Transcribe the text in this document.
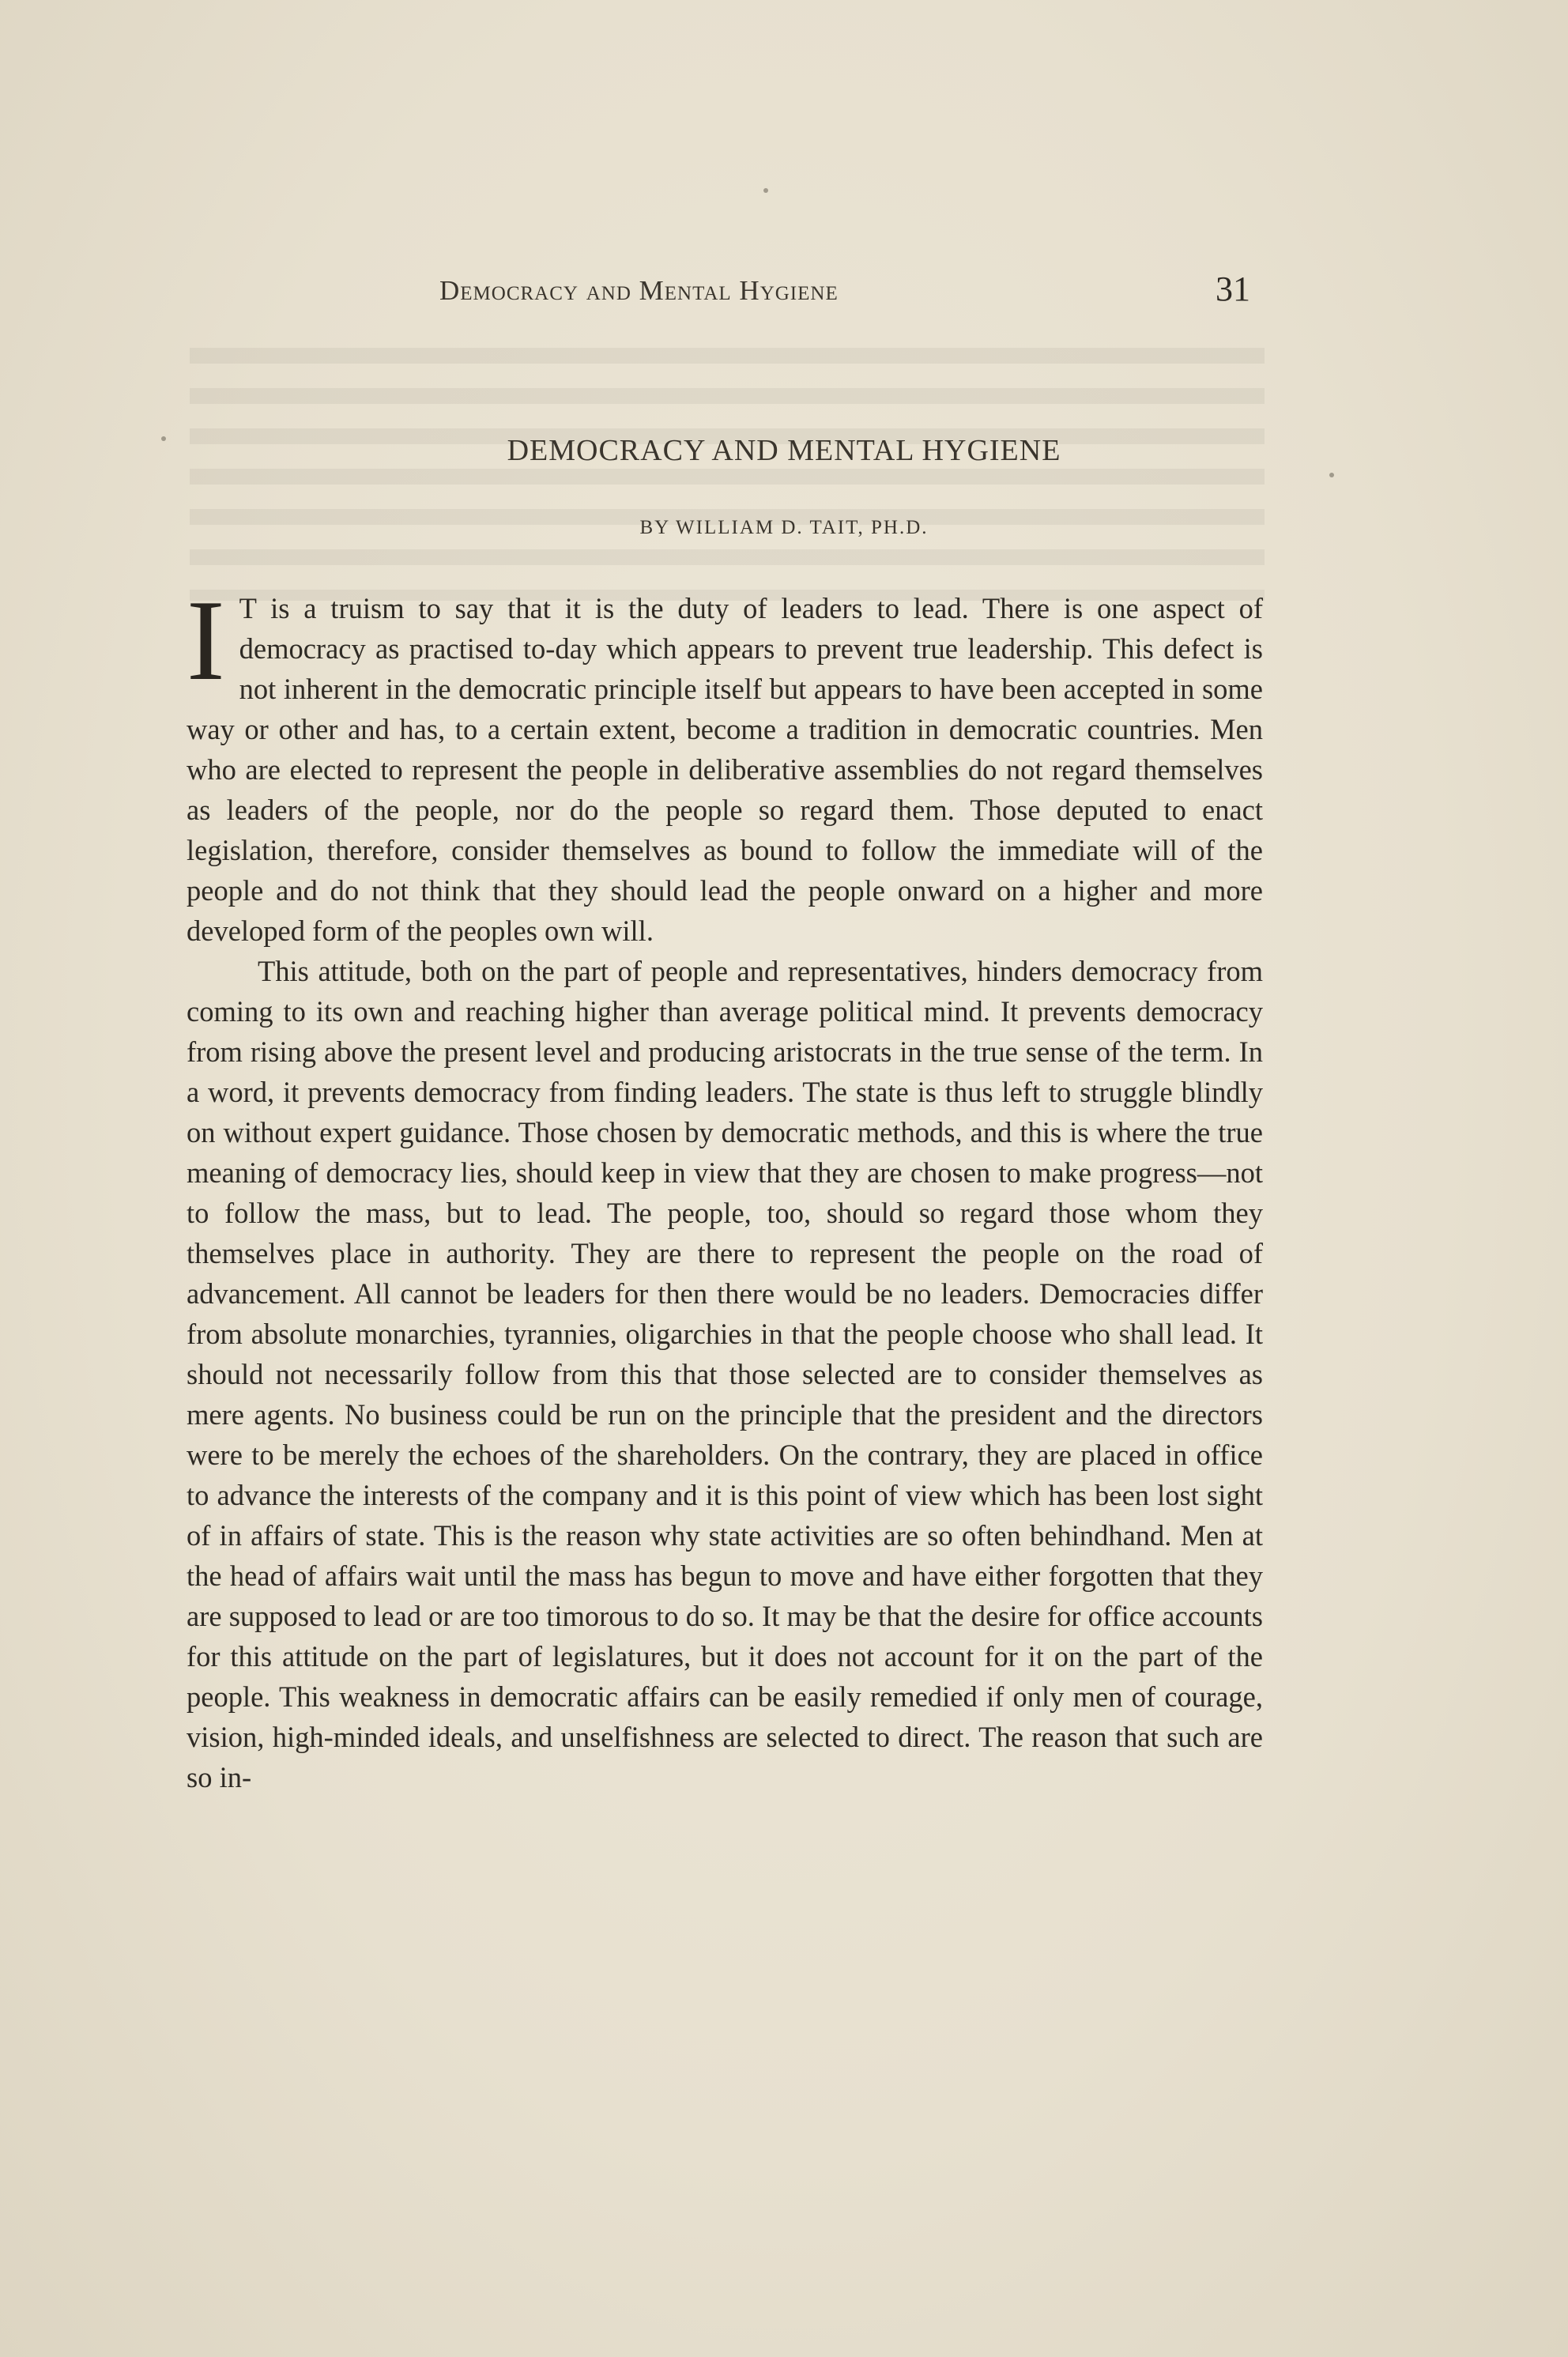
Democracy and Mental Hygiene	31
DEMOCRACY AND MENTAL HYGIENE
BY WILLIAM D. TAIT, PH.D.

I T is a truism to say that it is the duty of leaders to lead. There is one aspect of democracy as practised to-day which appears to prevent true leadership. This defect is not inherent in the democratic principle itself but appears to have been accepted in some way or other and has, to a certain extent, become a tradition in democratic countries. Men who are elected to represent the people in deliberative assemblies do not regard themselves as leaders of the people, nor do the people so regard them. Those deputed to enact legislation, therefore, consider themselves as bound to follow the immediate will of the people and do not think that they should lead the people onward on a higher and more developed form of the peoples own will.

This attitude, both on the part of people and representatives, hinders democracy from coming to its own and reaching higher than average political mind. It prevents democracy from rising above the present level and producing aristocrats in the true sense of the term. In a word, it prevents democracy from finding leaders. The state is thus left to struggle blindly on without expert guidance. Those chosen by democratic methods, and this is where the true meaning of democracy lies, should keep in view that they are chosen to make progress—not to follow the mass, but to lead. The people, too, should so regard those whom they themselves place in authority. They are there to represent the people on the road of advancement. All cannot be leaders for then there would be no leaders. Democracies differ from absolute monarchies, tyrannies, oligarchies in that the people choose who shall lead. It should not necessarily follow from this that those selected are to consider themselves as mere agents. No business could be run on the principle that the president and the directors were to be merely the echoes of the shareholders. On the contrary, they are placed in office to advance the interests of the company and it is this point of view which has been lost sight of in affairs of state. This is the reason why state activities are so often behindhand. Men at the head of affairs wait until the mass has begun to move and have either forgotten that they are supposed to lead or are too timorous to do so. It may be that the desire for office accounts for this attitude on the part of legislatures, but it does not account for it on the part of the people. This weakness in democratic affairs can be easily remedied if only men of courage, vision, high-minded ideals, and unselfishness are selected to direct. The reason that such are so in-
